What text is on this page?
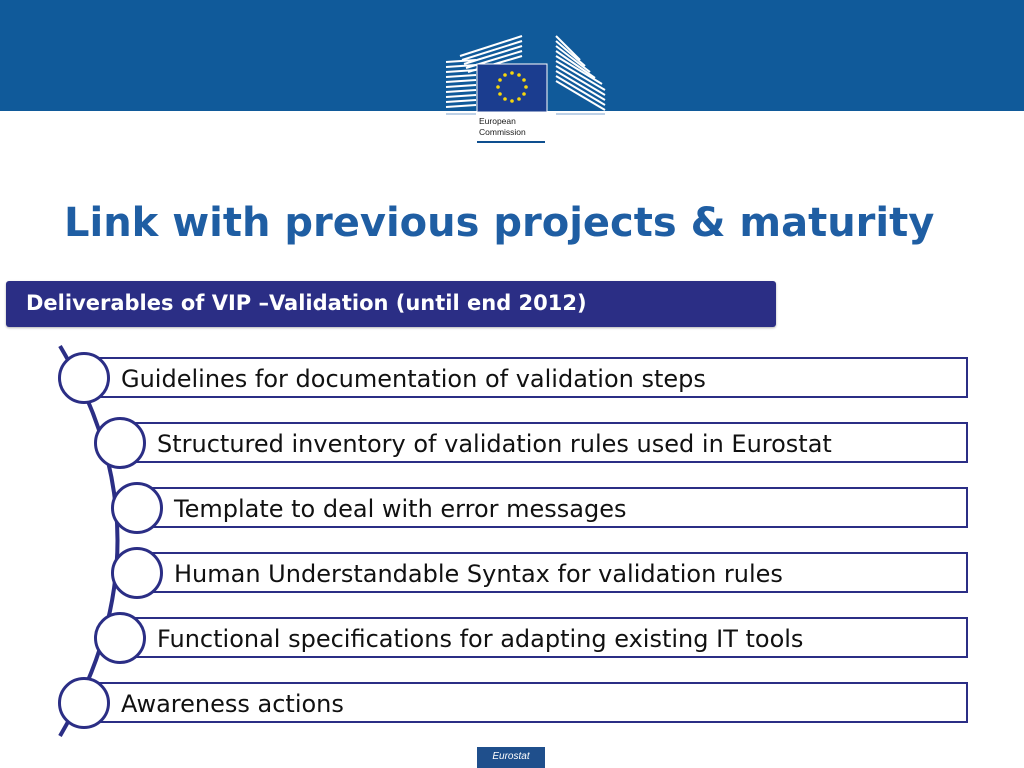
European
Commission
Link with previous projects & maturity

Deliverables of VIP –Validation (until end 2012)

Guidelines for documentation of validation steps
Structured inventory of validation rules used in Eurostat
Template to deal with error messages
Human Understandable Syntax for validation rules
Functional specifications for adapting existing IT tools
Awareness actions
Eurostat
